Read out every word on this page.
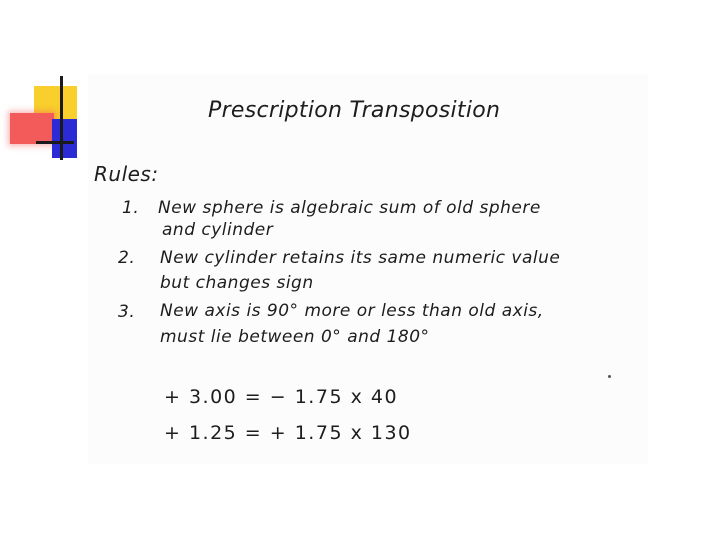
Prescription Transposition
Rules:
1. New sphere is algebraic sum of old sphere
and cylinder
2. New cylinder retains its same numeric value
but changes sign
3. New axis is 90° more or less than old axis,
must lie between 0° and 180°
+ 3.00 = − 1.75 x 40
+ 1.25 = + 1.75 x 130
